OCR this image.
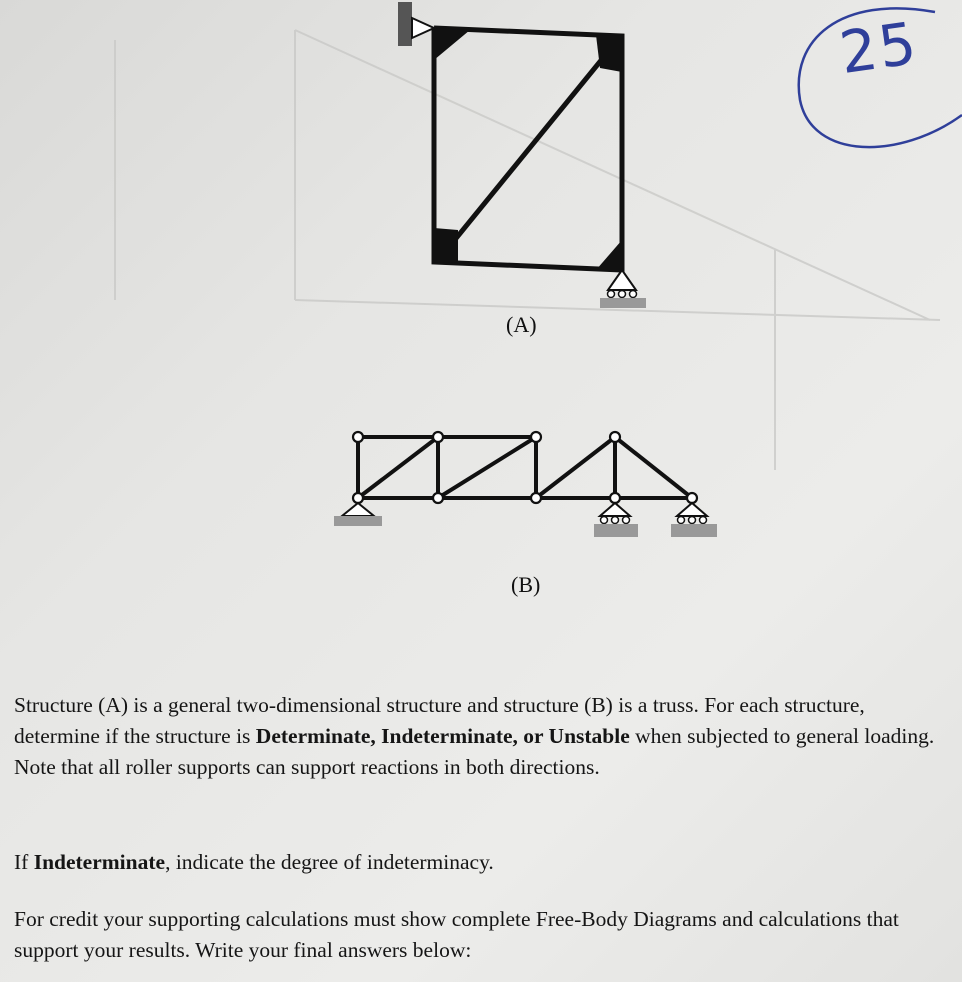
25
(A)
(B)
Structure (A) is a general two-dimensional structure and structure (B) is a truss. For each structure, determine if the structure is Determinate, Indeterminate, or Unstable when subjected to general loading. Note that all roller supports can support reactions in both directions.
If Indeterminate, indicate the degree of indeterminacy.
For credit your supporting calculations must show complete Free-Body Diagrams and calculations that support your results. Write your final answers below:
